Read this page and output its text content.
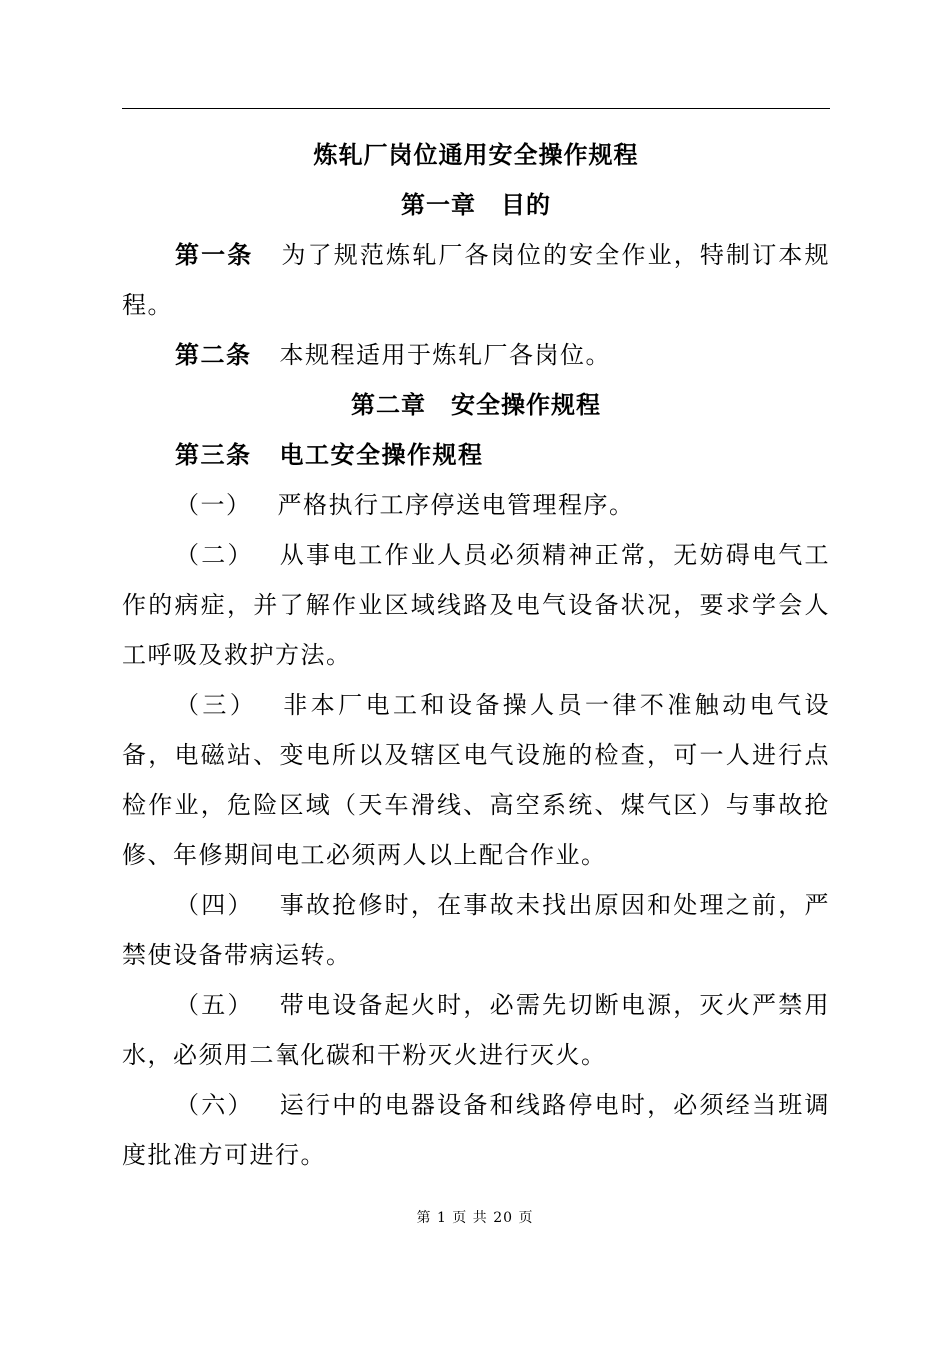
炼轧厂岗位通用安全操作规程
第一章　目的

第一条 为了规范炼轧厂各岗位的安全作业，特制订本规程。

第二条 本规程适用于炼轧厂各岗位。

第二章　安全操作规程

第三条 电工安全操作规程

（一） 严格执行工序停送电管理程序。

（二） 从事电工作业人员必须精神正常，无妨碍电气工作的病症，并了解作业区域线路及电气设备状况，要求学会人工呼吸及救护方法。

（三） 非本厂电工和设备操人员一律不准触动电气设备，电磁站、变电所以及辖区电气设施的检查，可一人进行点检作业，危险区域（天车滑线、高空系统、煤气区）与事故抢修、年修期间电工必须两人以上配合作业。

（四） 事故抢修时，在事故未找出原因和处理之前，严禁使设备带病运转。

（五） 带电设备起火时，必需先切断电源，灭火严禁用水，必须用二氧化碳和干粉灭火进行灭火。

（六） 运行中的电器设备和线路停电时，必须经当班调度批准方可进行。

第 1 页 共 20 页
